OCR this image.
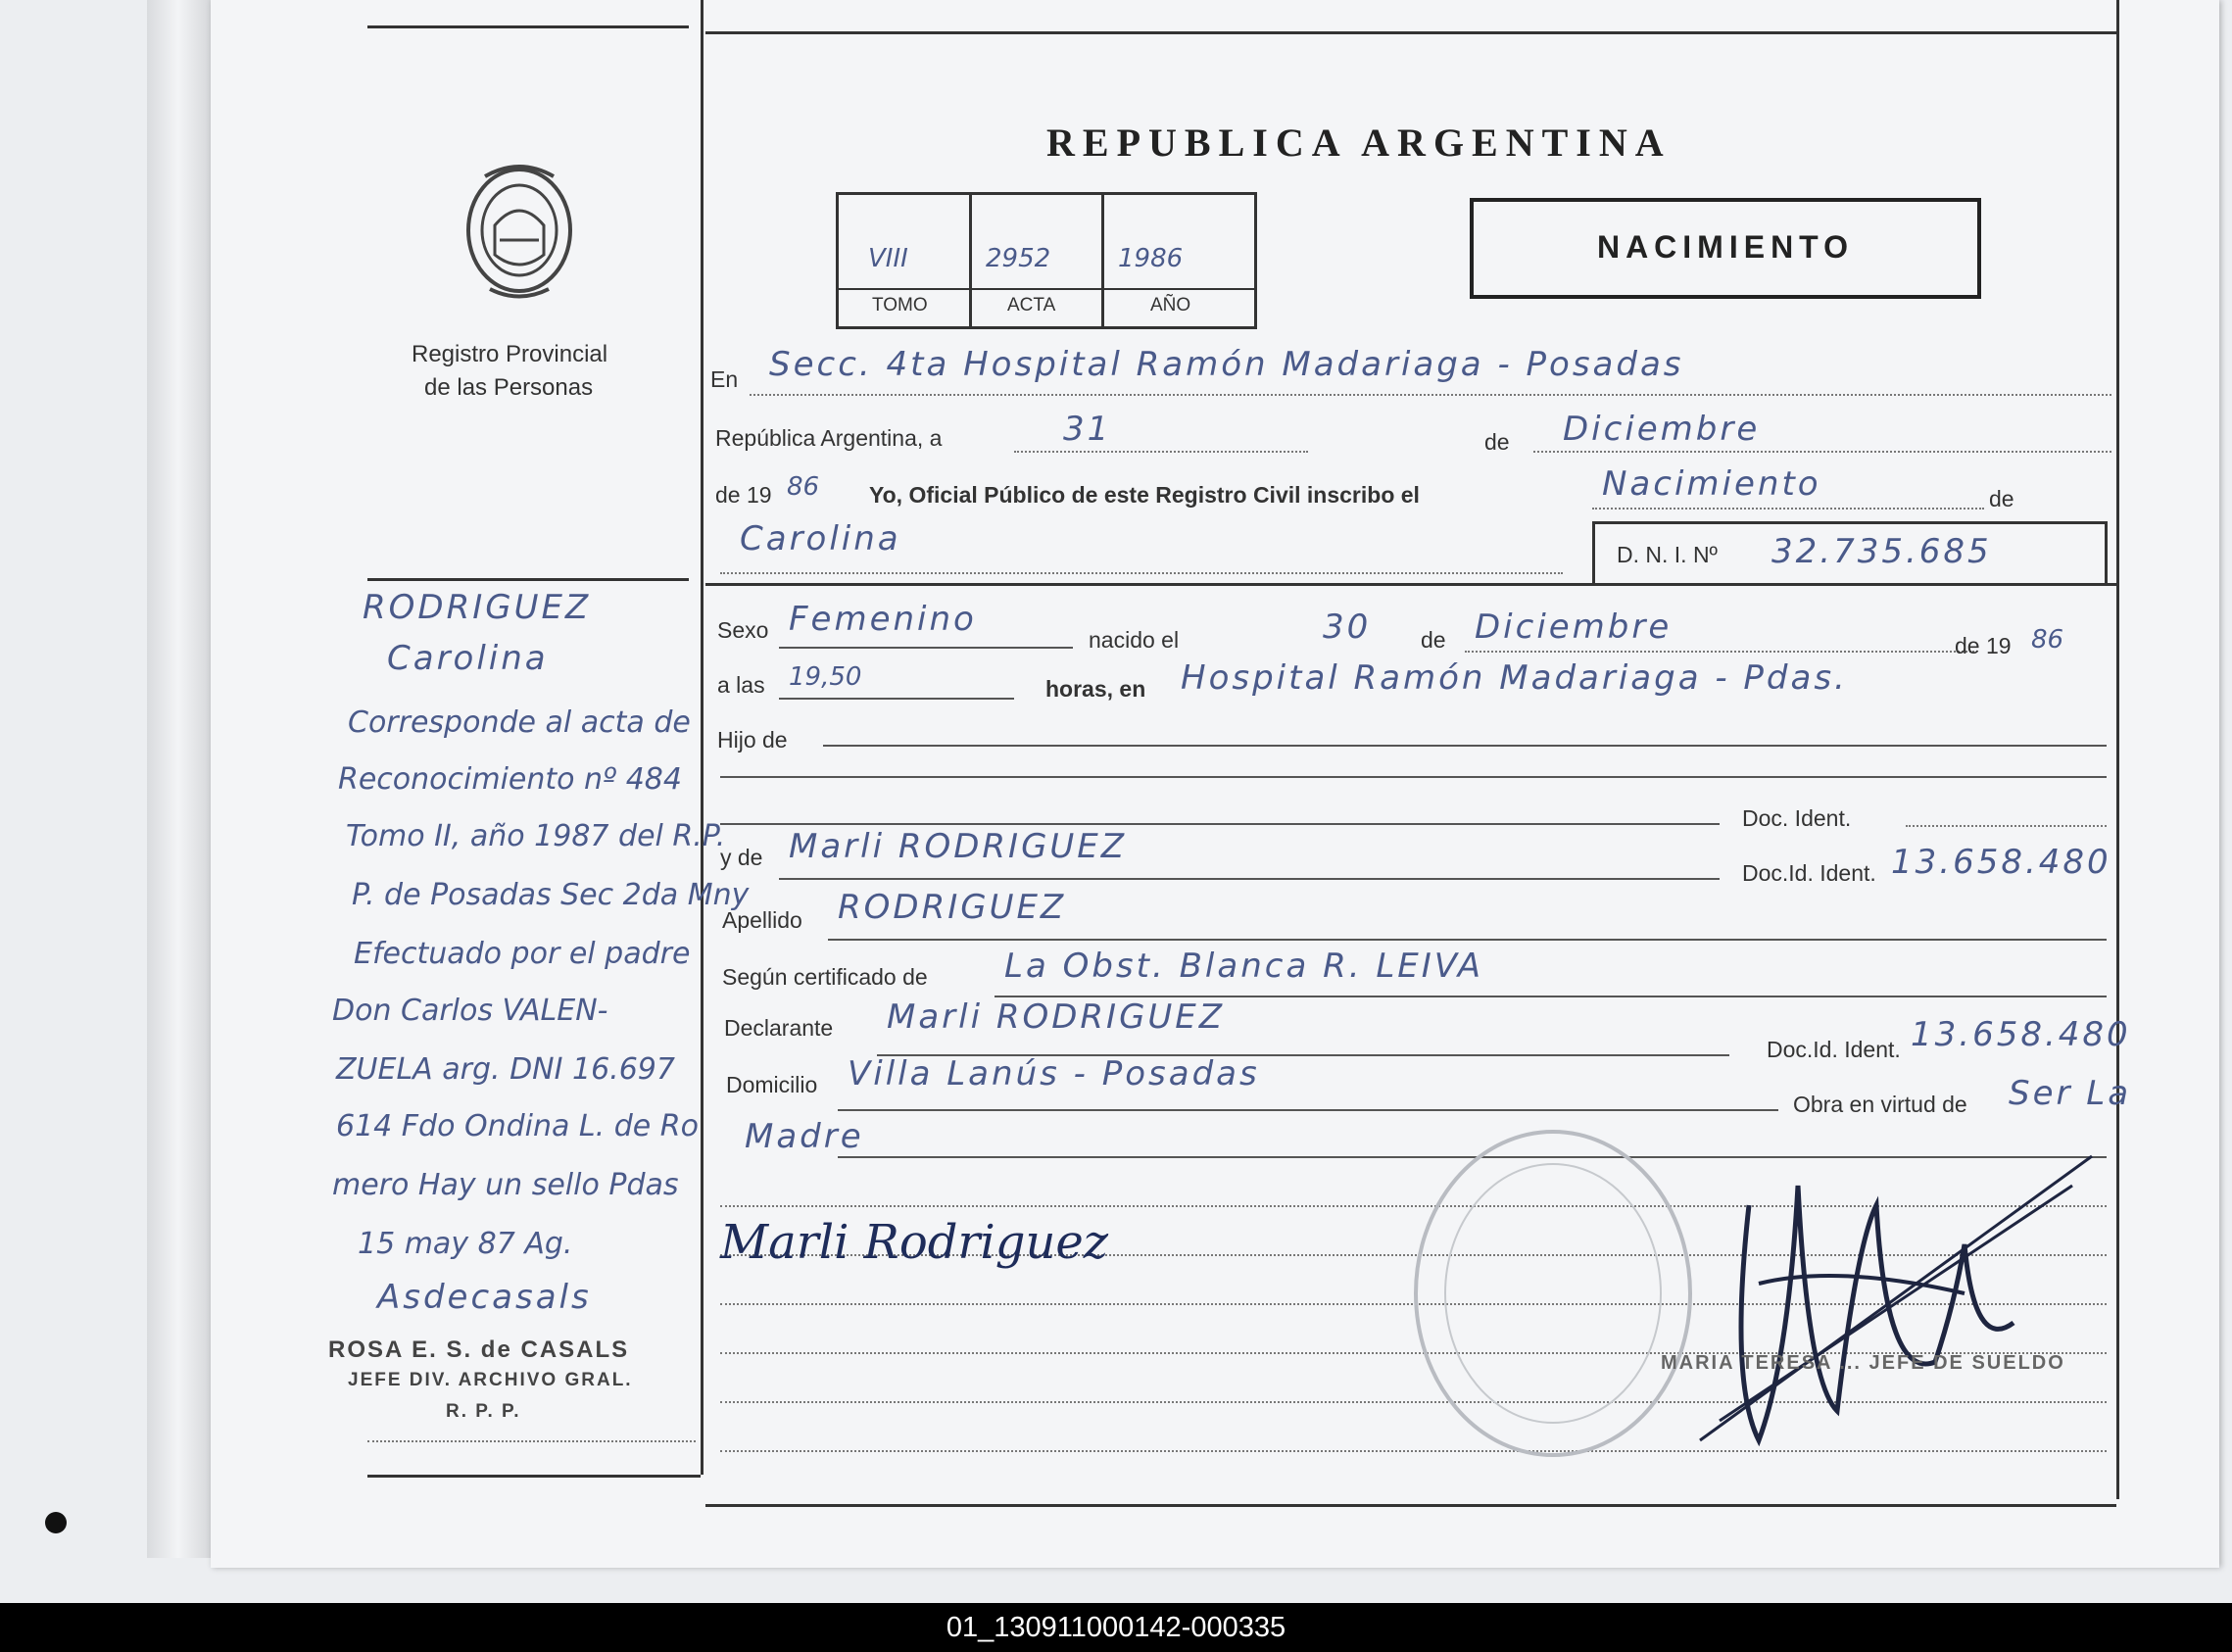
Registro Provincial
de las Personas
REPUBLICA ARGENTINA
VIII	2952	1986
TOMO	ACTA	AÑO
NACIMIENTO
En Secc. 4ta Hospital Ramón Madariaga - Posadas
República Argentina, a	31	de Diciembre
de 19 86 Yo, Oficial Público de este Registro Civil inscribo el	Nacimiento	de
Carolina	D. N. I. Nº 32.735.685
Sexo Femenino
nacido el	30 de Diciembre	de 19 86
a las 19,50	horas, en Hospital Ramón Madariaga - Pdas.
Hijo de
Doc. Ident.
y de Marli RODRIGUEZ
Doc.Id. Ident. 13.658.480
Apellido RODRIGUEZ
Según certificado de La Obst. Blanca R. LEIVA
Declarante Marli RODRIGUEZ
Doc.Id. Ident. 13.658.480
Domicilio Villa Lanús - Posadas
Obra en virtud de Ser La
Madre
Marli Rodriguez
MARIA TERESA ... JEFE DE SUELDO
RODRIGUEZ
Carolina
Corresponde al acta de
Reconocimiento nº 484
Tomo II, año 1987 del R.P.
P. de Posadas Sec 2da Mny
Efectuado por el padre
Don Carlos VALEN-
ZUELA arg. DNI 16.697
614 Fdo Ondina L. de Ro
mero Hay un sello Pdas
15 may 87 Ag.
Asdecasals
ROSA E. S. de CASALS
JEFE DIV. ARCHIVO GRAL.
R. P. P.
01_130911000142-000335
